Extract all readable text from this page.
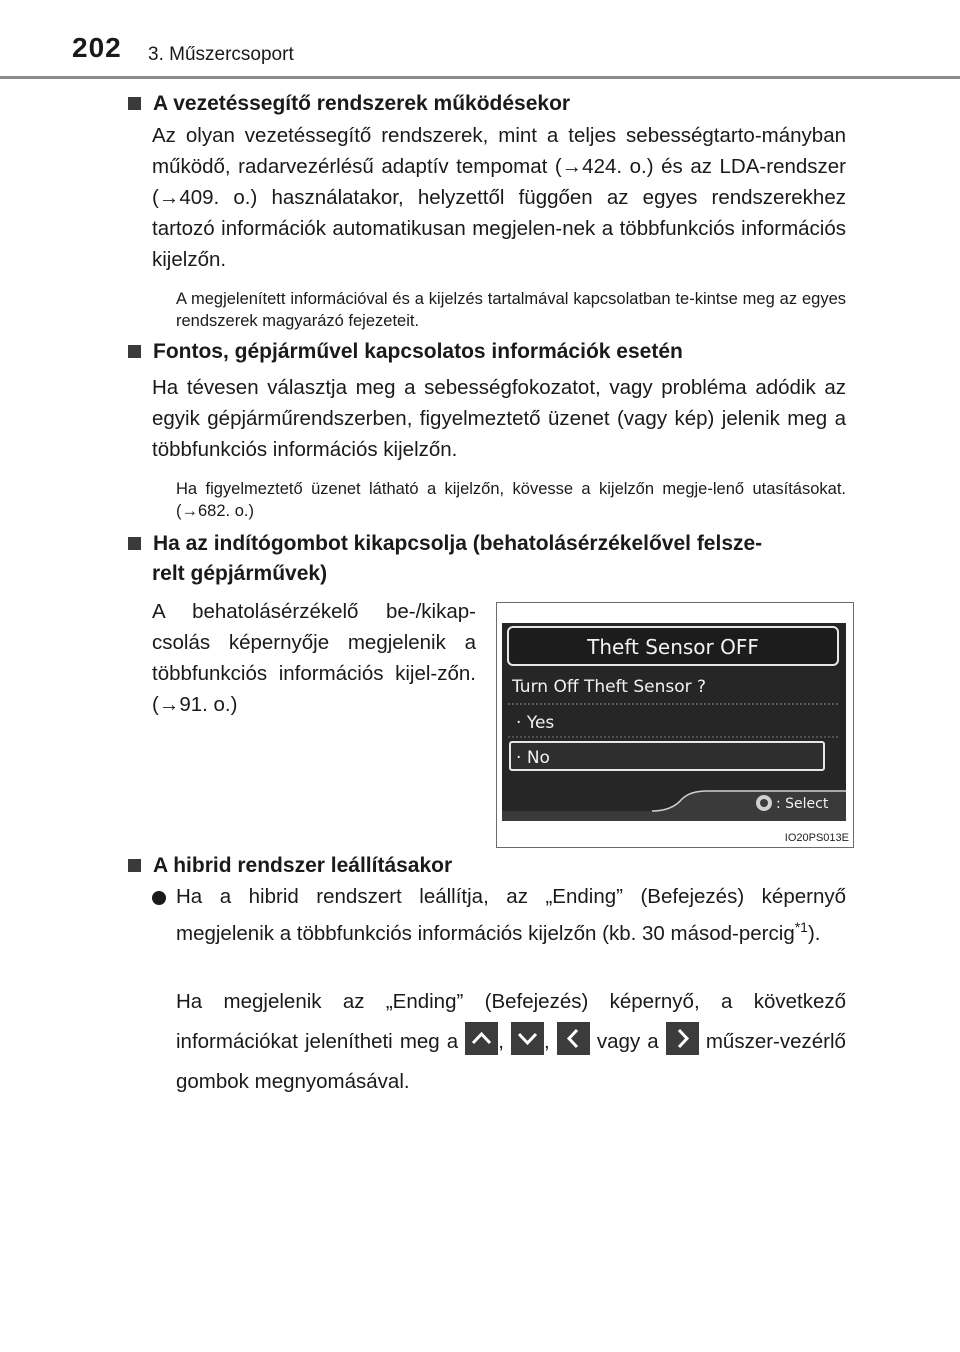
202 3. Műszercsoport
A vezetéssegítő rendszerek működésekor
Az olyan vezetéssegítő rendszerek, mint a teljes sebességtarto-mányban működő, radarvezérlésű adaptív tempomat (→424. o.) és az LDA-rendszer (→409. o.) használatakor, helyzettől függően az egyes rendszerekhez tartozó információk automatikusan megjelen-nek a többfunkciós információs kijelzőn.
A megjelenített információval és a kijelzés tartalmával kapcsolatban te-kintse meg az egyes rendszerek magyarázó fejezeteit.
Fontos, gépjárművel kapcsolatos információk esetén
Ha tévesen választja meg a sebességfokozatot, vagy probléma adódik az egyik gépjárműrendszerben, figyelmeztető üzenet (vagy kép) jelenik meg a többfunkciós információs kijelzőn.
Ha figyelmeztető üzenet látható a kijelzőn, kövesse a kijelzőn megje-lenő utasításokat. (→682. o.)
Ha az indítógombot kikapcsolja (behatolásérzékelővel felsze-
relt gépjárművek)
A behatolásérzékelő be-/kikap-csolás képernyője megjelenik a többfunkciós információs kijel-zőn. (→91. o.)
Theft Sensor OFF
Turn Off Theft Sensor ?
· Yes
· No
: Select
IO20PS013E
A hibrid rendszer leállításakor
Ha a hibrid rendszert leállítja, az „Ending” (Befejezés) képernyő megjelenik a többfunkciós információs kijelzőn (kb. 30 másod-percig$^{*1}$).
Ha megjelenik az „Ending” (Befejezés) képernyő, a következő információkat jelenítheti meg a , , vagy a műszer-vezérlő gombok megnyomásával.
